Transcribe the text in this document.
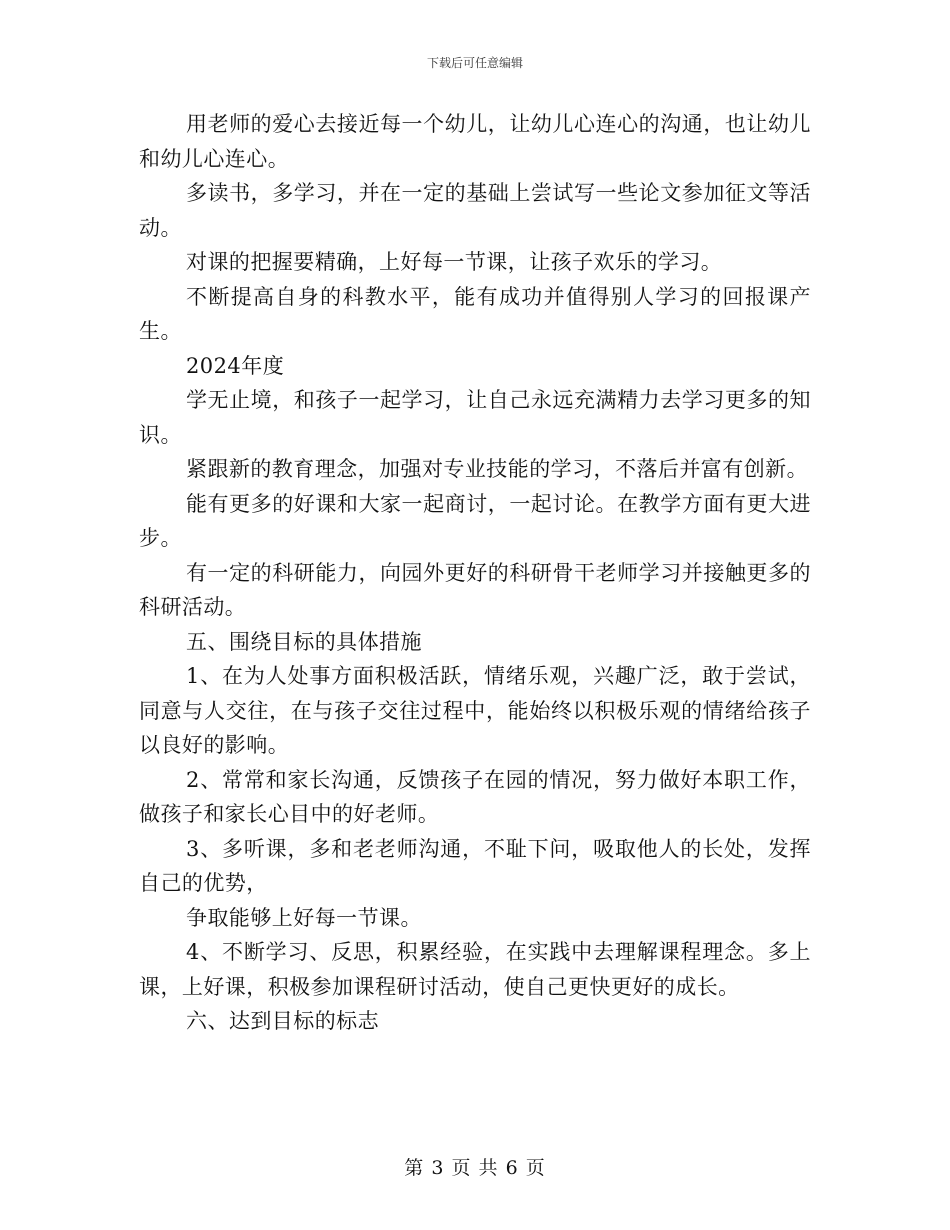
下载后可任意编辑

用老师的爱心去接近每一个幼儿，让幼儿心连心的沟通，也让幼儿和幼儿心连心。

多读书，多学习，并在一定的基础上尝试写一些论文参加征文等活动。

对课的把握要精确，上好每一节课，让孩子欢乐的学习。

不断提高自身的科教水平，能有成功并值得别人学习的回报课产生。

2024年度

学无止境，和孩子一起学习，让自己永远充满精力去学习更多的知识。

紧跟新的教育理念，加强对专业技能的学习，不落后并富有创新。

能有更多的好课和大家一起商讨，一起讨论。在教学方面有更大进步。

有一定的科研能力，向园外更好的科研骨干老师学习并接触更多的科研活动。

五、围绕目标的具体措施

1、在为人处事方面积极活跃，情绪乐观，兴趣广泛，敢于尝试，同意与人交往，在与孩子交往过程中，能始终以积极乐观的情绪给孩子以良好的影响。

2、常常和家长沟通，反馈孩子在园的情况，努力做好本职工作，做孩子和家长心目中的好老师。

3、多听课，多和老老师沟通，不耻下问，吸取他人的长处，发挥自己的优势，

争取能够上好每一节课。

4、不断学习、反思，积累经验，在实践中去理解课程理念。多上课，上好课，积极参加课程研讨活动，使自己更快更好的成长。

六、达到目标的标志

第 3 页 共 6 页
